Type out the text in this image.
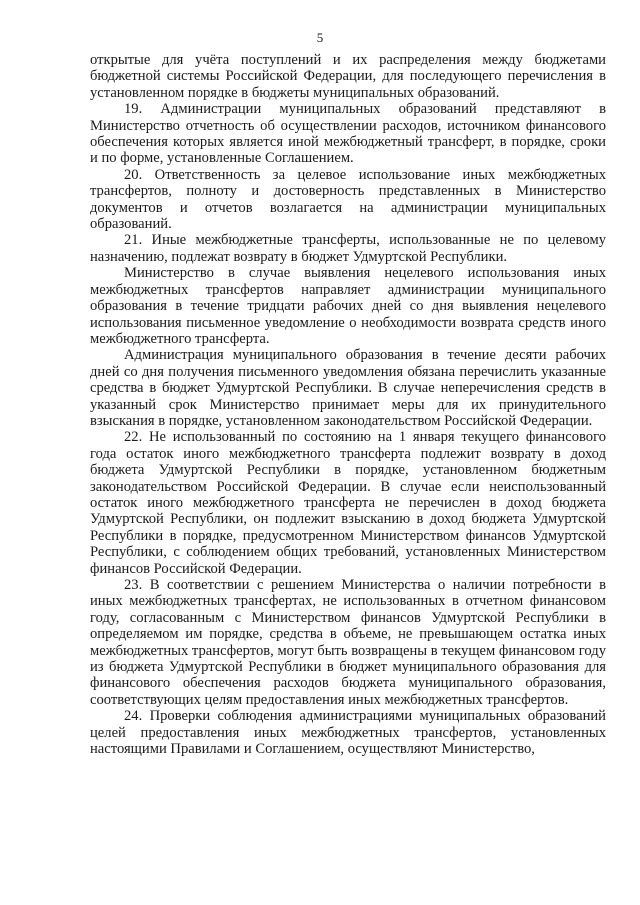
5

открытые для учёта поступлений и их распределения между бюджетами бюджетной системы Российской Федерации, для последующего перечисления в установленном порядке в бюджеты муниципальных образований.

19. Администрации муниципальных образований представляют в Министерство отчетность об осуществлении расходов, источником финансового обеспечения которых является иной межбюджетный трансферт, в порядке, сроки и по форме, установленные Соглашением.

20. Ответственность за целевое использование иных межбюджетных трансфертов, полноту и достоверность представленных в Министерство документов и отчетов возлагается на администрации муниципальных образований.

21. Иные межбюджетные трансферты, использованные не по целевому назначению, подлежат возврату в бюджет Удмуртской Республики.

Министерство в случае выявления нецелевого использования иных межбюджетных трансфертов направляет администрации муниципального образования в течение тридцати рабочих дней со дня выявления нецелевого использования письменное уведомление о необходимости возврата средств иного межбюджетного трансферта.

Администрация муниципального образования в течение десяти рабочих дней со дня получения письменного уведомления обязана перечислить указанные средства в бюджет Удмуртской Республики. В случае неперечисления средств в указанный срок Министерство принимает меры для их принудительного взыскания в порядке, установленном законодательством Российской Федерации.

22. Не использованный по состоянию на 1 января текущего финансового года остаток иного межбюджетного трансферта подлежит возврату в доход бюджета Удмуртской Республики в порядке, установленном бюджетным законодательством Российской Федерации. В случае если неиспользованный остаток иного межбюджетного трансферта не перечислен в доход бюджета Удмуртской Республики, он подлежит взысканию в доход бюджета Удмуртской Республики в порядке, предусмотренном Министерством финансов Удмуртской Республики, с соблюдением общих требований, установленных Министерством финансов Российской Федерации.

23. В соответствии с решением Министерства о наличии потребности в иных межбюджетных трансфертах, не использованных в отчетном финансовом году, согласованным с Министерством финансов Удмуртской Республики в определяемом им порядке, средства в объеме, не превышающем остатка иных межбюджетных трансфертов, могут быть возвращены в текущем финансовом году из бюджета Удмуртской Республики в бюджет муниципального образования для финансового обеспечения расходов бюджета муниципального образования, соответствующих целям предоставления иных межбюджетных трансфертов.

24. Проверки соблюдения администрациями муниципальных образований целей предоставления иных межбюджетных трансфертов, установленных настоящими Правилами и Соглашением, осуществляют Министерство,
